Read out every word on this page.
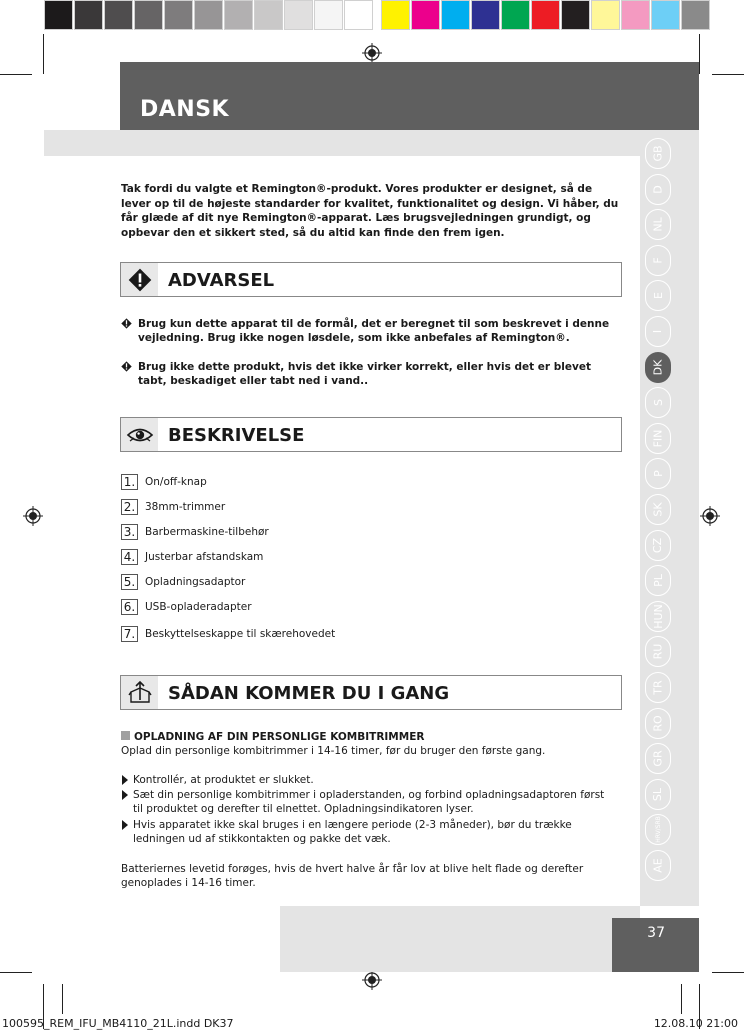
DANSK
37
Tak fordi du valgte et Remington®-produkt. Vores produkter er designet, så de lever op til de højeste standarder for kvalitet, funktionalitet og design. Vi håber, du får glæde af dit nye Remington®-apparat. Læs brugsvejledningen grundigt, og opbevar den et sikkert sted, så du altid kan finde den frem igen.
ADVARSEL
Brug kun dette apparat til de formål, det er beregnet til som beskrevet i denne vejledning. Brug ikke nogen løsdele, som ikke anbefales af Remington®.
Brug ikke dette produkt, hvis det ikke virker korrekt, eller hvis det er blevet tabt, beskadiget eller tabt ned i vand..
BESKRIVELSE
1. On/off-knap
2. 38mm-trimmer
3. Barbermaskine-tilbehør
4. Justerbar afstandskam
5. Opladningsadaptor
6. USB-opladeradapter
7. Beskyttelseskappe til skærehovedet
SÅDAN KOMMER DU I GANG
OPLADNING AF DIN PERSONLIGE KOMBITRIMMER
Oplad din personlige kombitrimmer i 14-16 timer, før du bruger den første gang.
Kontrollér, at produktet er slukket.
Sæt din personlige kombitrimmer i opladerstanden, og forbind opladningsadaptoren først til produktet og derefter til elnettet. Opladningsindikatoren lyser.
Hvis apparatet ikke skal bruges i en længere periode (2-3 måneder), bør du trække ledningen ud af stikkontakten og pakke det væk.
Batteriernes levetid forøges, hvis de hvert halve år får lov at blive helt flade og derefter genoplades i 14-16 timer.
100595_REM_IFU_MB4110_21L.indd DK37	12.08.10 21:00
GB
D
NL
F
E
I
DK
S
FIN
P
SK
CZ
PL
HUN
RU
TR
RO
GR
SL
HRV/SRB
AE
